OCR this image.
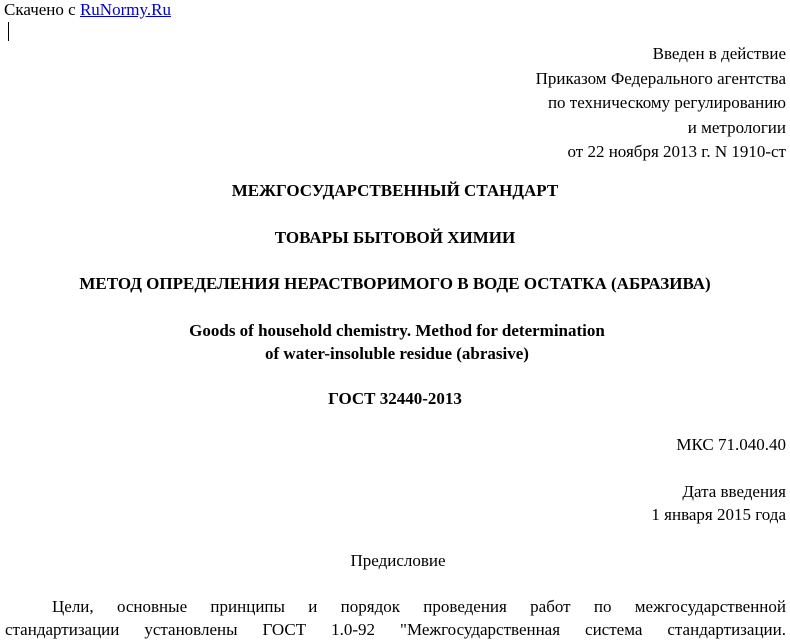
Скачено с RuNormy.Ru
Введен в действие
Приказом Федерального агентства
по техническому регулированию
и метрологии
от 22 ноября 2013 г. N 1910-ст
МЕЖГОСУДАРСТВЕННЫЙ СТАНДАРТ
ТОВАРЫ БЫТОВОЙ ХИМИИ
МЕТОД ОПРЕДЕЛЕНИЯ НЕРАСТВОРИМОГО В ВОДЕ ОСТАТКА (АБРАЗИВА)
Goods of household chemistry. Method for determination
of water-insoluble residue (abrasive)
ГОСТ 32440-2013
МКС 71.040.40
Дата введения
1 января 2015 года
Предисловие
Цели, основные принципы и порядок проведения работ по межгосударственной
стандартизации установлены ГОСТ 1.0-92 "Межгосударственная система стандартизации.
